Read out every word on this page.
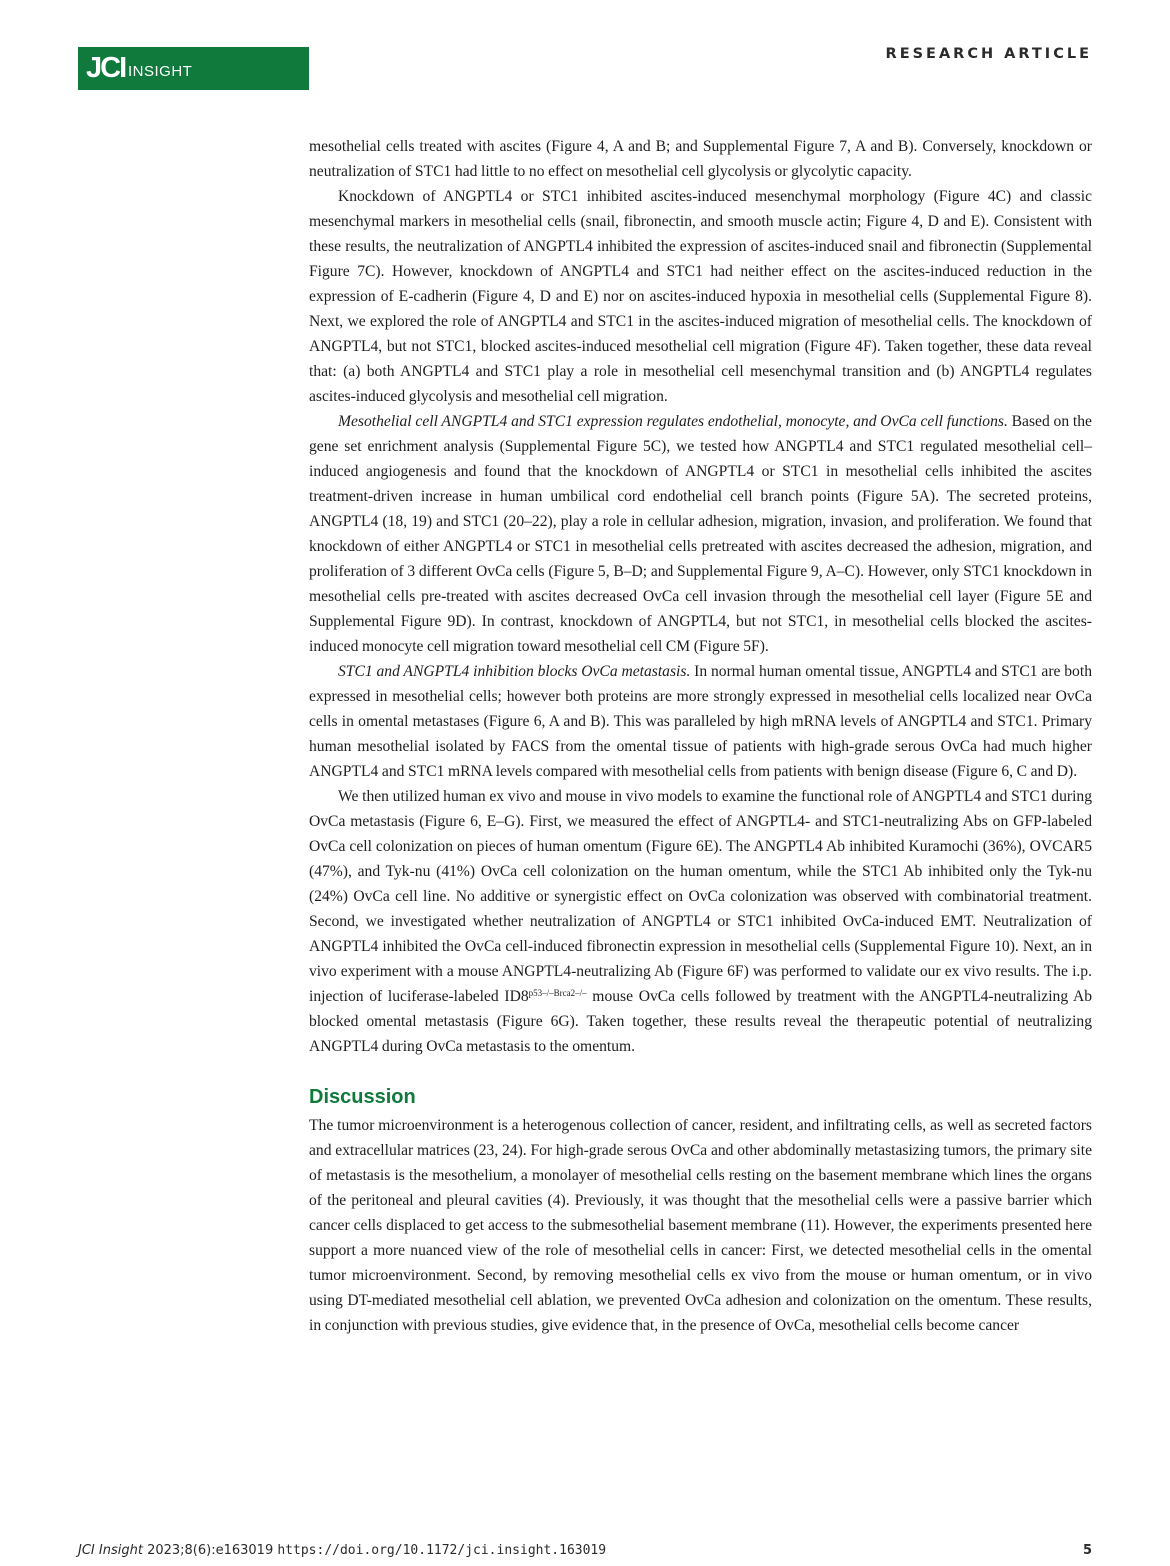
JCI INSIGHT
RESEARCH ARTICLE

mesothelial cells treated with ascites (Figure 4, A and B; and Supplemental Figure 7, A and B). Conversely, knockdown or neutralization of STC1 had little to no effect on mesothelial cell glycolysis or glycolytic capacity.

Knockdown of ANGPTL4 or STC1 inhibited ascites-induced mesenchymal morphology (Figure 4C) and classic mesenchymal markers in mesothelial cells (snail, fibronectin, and smooth muscle actin; Figure 4, D and E). Consistent with these results, the neutralization of ANGPTL4 inhibited the expression of ascites-induced snail and fibronectin (Supplemental Figure 7C). However, knockdown of ANGPTL4 and STC1 had neither effect on the ascites-induced reduction in the expression of E-cadherin (Figure 4, D and E) nor on ascites-induced hypoxia in mesothelial cells (Supplemental Figure 8). Next, we explored the role of ANGPTL4 and STC1 in the ascites-induced migration of mesothelial cells. The knockdown of ANGPTL4, but not STC1, blocked ascites-induced mesothelial cell migration (Figure 4F). Taken together, these data reveal that: (a) both ANGPTL4 and STC1 play a role in mesothelial cell mesenchymal transition and (b) ANGPTL4 regulates ascites-induced glycolysis and mesothelial cell migration.

Mesothelial cell ANGPTL4 and STC1 expression regulates endothelial, monocyte, and OvCa cell functions. Based on the gene set enrichment analysis (Supplemental Figure 5C), we tested how ANGPTL4 and STC1 regulated mesothelial cell–induced angiogenesis and found that the knockdown of ANGPTL4 or STC1 in mesothelial cells inhibited the ascites treatment-driven increase in human umbilical cord endothelial cell branch points (Figure 5A). The secreted proteins, ANGPTL4 (18, 19) and STC1 (20–22), play a role in cellular adhesion, migration, invasion, and proliferation. We found that knockdown of either ANGPTL4 or STC1 in mesothelial cells pretreated with ascites decreased the adhesion, migration, and proliferation of 3 different OvCa cells (Figure 5, B–D; and Supplemental Figure 9, A–C). However, only STC1 knockdown in mesothelial cells pre-treated with ascites decreased OvCa cell invasion through the mesothelial cell layer (Figure 5E and Supplemental Figure 9D). In contrast, knockdown of ANGPTL4, but not STC1, in mesothelial cells blocked the ascites-induced monocyte cell migration toward mesothelial cell CM (Figure 5F).

STC1 and ANGPTL4 inhibition blocks OvCa metastasis. In normal human omental tissue, ANGPTL4 and STC1 are both expressed in mesothelial cells; however both proteins are more strongly expressed in mesothelial cells localized near OvCa cells in omental metastases (Figure 6, A and B). This was paralleled by high mRNA levels of ANGPTL4 and STC1. Primary human mesothelial isolated by FACS from the omental tissue of patients with high-grade serous OvCa had much higher ANGPTL4 and STC1 mRNA levels compared with mesothelial cells from patients with benign disease (Figure 6, C and D).

We then utilized human ex vivo and mouse in vivo models to examine the functional role of ANGPTL4 and STC1 during OvCa metastasis (Figure 6, E–G). First, we measured the effect of ANGPTL4- and STC1-neutralizing Abs on GFP-labeled OvCa cell colonization on pieces of human omentum (Figure 6E). The ANGPTL4 Ab inhibited Kuramochi (36%), OVCAR5 (47%), and Tyk-nu (41%) OvCa cell colonization on the human omentum, while the STC1 Ab inhibited only the Tyk-nu (24%) OvCa cell line. No additive or synergistic effect on OvCa colonization was observed with combinatorial treatment. Second, we investigated whether neutralization of ANGPTL4 or STC1 inhibited OvCa-induced EMT. Neutralization of ANGPTL4 inhibited the OvCa cell-induced fibronectin expression in mesothelial cells (Supplemental Figure 10). Next, an in vivo experiment with a mouse ANGPTL4-neutralizing Ab (Figure 6F) was performed to validate our ex vivo results. The i.p. injection of luciferase-labeled $ID8^{p53-/-Brca2-/-}$ mouse OvCa cells followed by treatment with the ANGPTL4-neutralizing Ab blocked omental metastasis (Figure 6G). Taken together, these results reveal the therapeutic potential of neutralizing ANGPTL4 during OvCa metastasis to the omentum.

Discussion

The tumor microenvironment is a heterogenous collection of cancer, resident, and infiltrating cells, as well as secreted factors and extracellular matrices (23, 24). For high-grade serous OvCa and other abdominally metastasizing tumors, the primary site of metastasis is the mesothelium, a monolayer of mesothelial cells resting on the basement membrane which lines the organs of the peritoneal and pleural cavities (4). Previously, it was thought that the mesothelial cells were a passive barrier which cancer cells displaced to get access to the submesothelial basement membrane (11). However, the experiments presented here support a more nuanced view of the role of mesothelial cells in cancer: First, we detected mesothelial cells in the omental tumor microenvironment. Second, by removing mesothelial cells ex vivo from the mouse or human omentum, or in vivo using DT-mediated mesothelial cell ablation, we prevented OvCa adhesion and colonization on the omentum. These results, in conjunction with previous studies, give evidence that, in the presence of OvCa, mesothelial cells become cancer

JCI Insight 2023;8(6):e163019 https://doi.org/10.1172/jci.insight.163019	5
